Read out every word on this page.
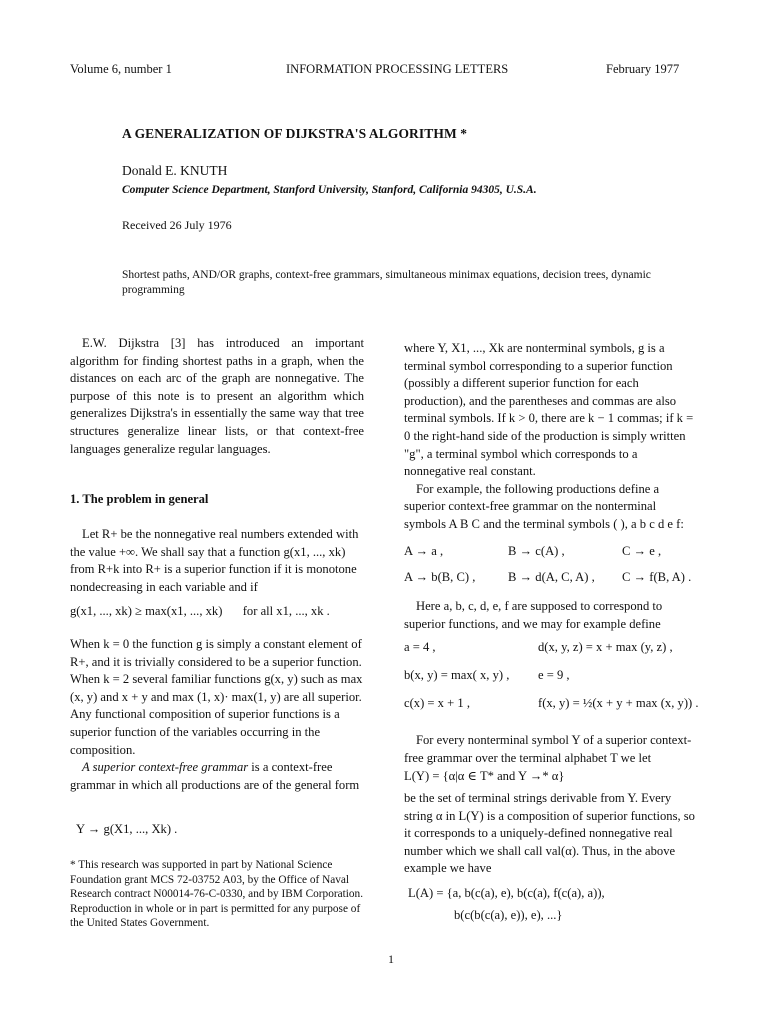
Volume 6, number 1	INFORMATION PROCESSING LETTERS	February 1977
A GENERALIZATION OF DIJKSTRA'S ALGORITHM *
Donald E. KNUTH
Computer Science Department, Stanford University, Stanford, California 94305, U.S.A.
Received 26 July 1976
Shortest paths, AND/OR graphs, context-free grammars, simultaneous minimax equations, decision trees, dynamic programming

E.W. Dijkstra [3] has introduced an important algorithm for finding shortest paths in a graph, when the distances on each arc of the graph are nonnegative. The purpose of this note is to present an algorithm which generalizes Dijkstra's in essentially the same way that tree structures generalize linear lists, or that context-free languages generalize regular languages.

1. The problem in general

Let R+ be the nonnegative real numbers extended with the value +∞. We shall say that a function g(x1, ..., xk) from R+k into R+ is a superior function if it is monotone nondecreasing in each variable and if

g(x1, ..., xk) ≥ max(x1, ..., xk) for all x1, ..., xk .

When k = 0 the function g is simply a constant element of R+, and it is trivially considered to be a superior function. When k = 2 several familiar functions g(x, y) such as max (x, y) and x + y and max (1, x)· max(1, y) are all superior. Any functional composition of superior functions is a superior function of the variables occurring in the composition.

A superior context-free grammar is a context-free grammar in which all productions are of the general form

Y → g(X1, ..., Xk) .
* This research was supported in part by National Science Foundation grant MCS 72-03752 A03, by the Office of Naval Research contract N00014-76-C-0330, and by IBM Corporation. Reproduction in whole or in part is permitted for any purpose of the United States Government.

where Y, X1, ..., Xk are nonterminal symbols, g is a terminal symbol corresponding to a superior function (possibly a different superior function for each production), and the parentheses and commas are also terminal symbols. If k > 0, there are k − 1 commas; if k = 0 the right-hand side of the production is simply written "g", a terminal symbol which corresponds to a nonnegative real constant.

For example, the following productions define a superior context-free grammar on the nonterminal symbols A B C and the terminal symbols ( ), a b c d e f:

A → a ,	B → c(A) ,	C → e ,
A → b(B, C) ,	B → d(A, C, A) , C → f(B, A) .

Here a, b, c, d, e, f are supposed to correspond to superior functions, and we may for example define

a = 4 ,	d(x, y, z) = x + max (y, z) ,
b(x, y) = max( x, y) , e = 9 ,
c(x) = x + 1 ,	f(x, y) = ½(x + y + max (x, y)) .

For every nonterminal symbol Y of a superior context-free grammar over the terminal alphabet T we let

L(Y) = {α|α ∈ T* and Y →* α}

be the set of terminal strings derivable from Y. Every string α in L(Y) is a composition of superior functions, so it corresponds to a uniquely-defined nonnegative real number which we shall call val(α). Thus, in the above example we have

L(A) = {a, b(c(a), e), b(c(a), f(c(a), a)),
b(c(b(c(a), e)), e), ...}
1
